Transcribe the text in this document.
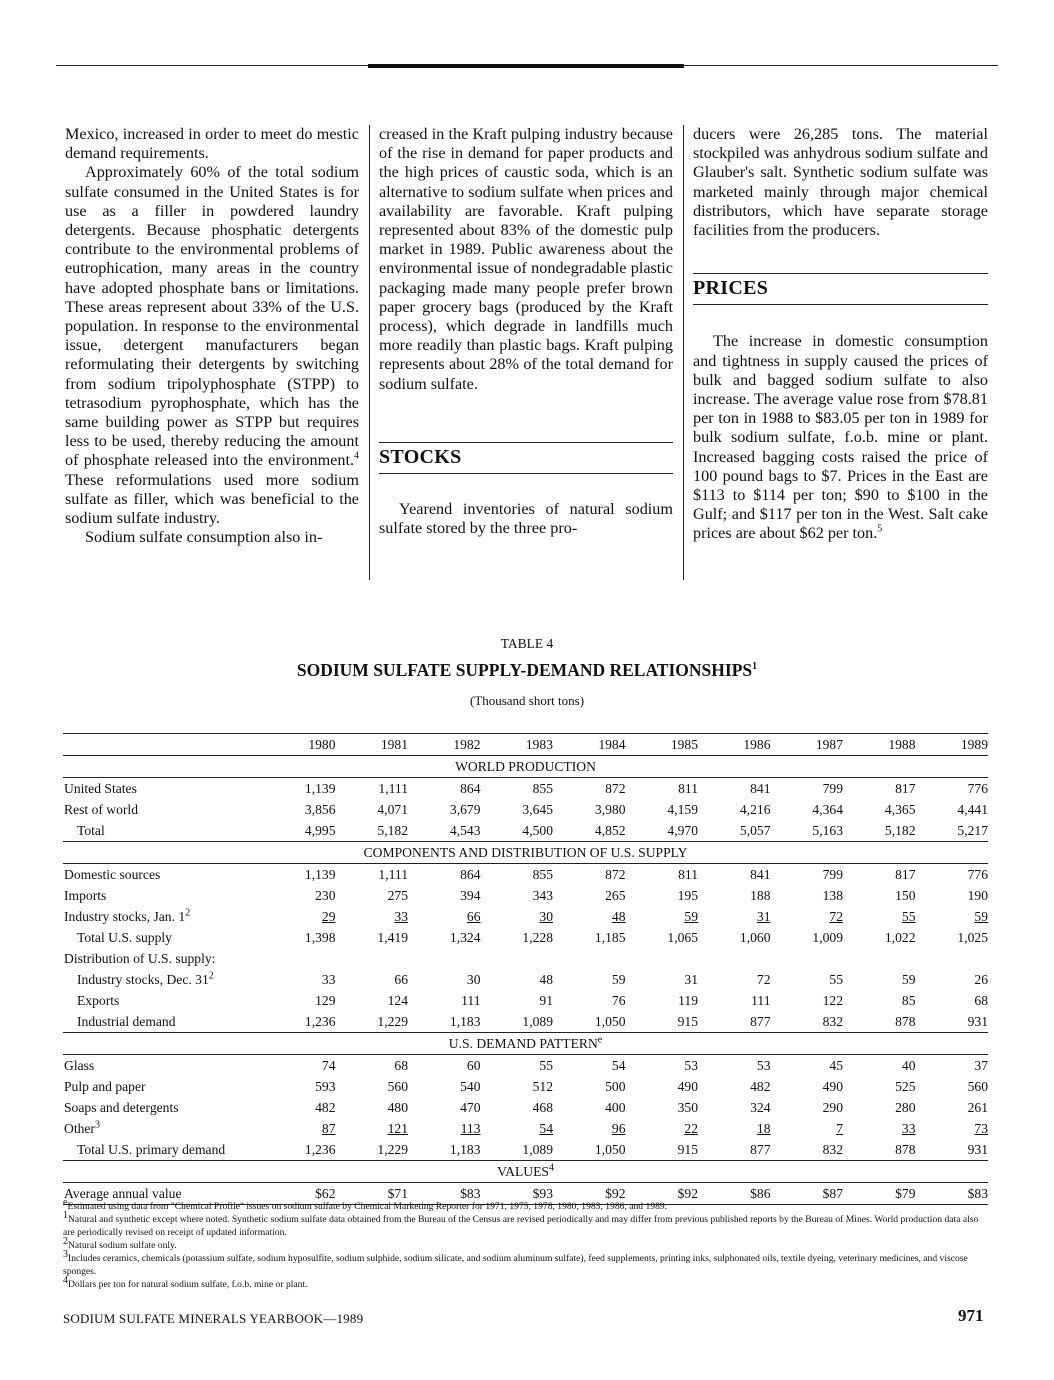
Mexico, increased in order to meet do mestic demand requirements.

Approximately 60% of the total sodium sulfate consumed in the United States is for use as a filler in powdered laundry detergents. Because phosphatic detergents contribute to the environmental problems of eutrophication, many areas in the country have adopted phosphate bans or limitations. These areas represent about 33% of the U.S. population. In response to the environmental issue, detergent manufacturers began reformulating their detergents by switching from sodium tripolyphosphate (STPP) to tetrasodium pyrophosphate, which has the same building power as STPP but requires less to be used, thereby reducing the amount of phosphate released into the environment.$^4$ These reformulations used more sodium sulfate as filler, which was beneficial to the sodium sulfate industry.

Sodium sulfate consumption also in-

creased in the Kraft pulping industry because of the rise in demand for paper products and the high prices of caustic soda, which is an alternative to sodium sulfate when prices and availability are favorable. Kraft pulping represented about 83% of the domestic pulp market in 1989. Public awareness about the environmental issue of nondegradable plastic packaging made many people prefer brown paper grocery bags (produced by the Kraft process), which degrade in landfills much more readily than plastic bags. Kraft pulping represents about 28% of the total demand for sodium sulfate.

STOCKS

Yearend inventories of natural sodium sulfate stored by the three pro-

ducers were 26,285 tons. The material stockpiled was anhydrous sodium sulfate and Glauber's salt. Synthetic sodium sulfate was marketed mainly through major chemical distributors, which have separate storage facilities from the producers.

PRICES

The increase in domestic consumption and tightness in supply caused the prices of bulk and bagged sodium sulfate to also increase. The average value rose from $78.81 per ton in 1988 to $83.05 per ton in 1989 for bulk sodium sulfate, f.o.b. mine or plant. Increased bagging costs raised the price of 100 pound bags to $7. Prices in the East are $113 to $114 per ton; $90 to $100 in the Gulf; and $117 per ton in the West. Salt cake prices are about $62 per ton.$^5$

TABLE 4
SODIUM SULFATE SUPPLY-DEMAND RELATIONSHIPS$^1$
(Thousand short tons)
	1980	1981	1982	1983	1984	1985	1986	1987	1988	1989
WORLD PRODUCTION										
United States	1,139	1,111	864	855	872	811	841	799	817	776
Rest of world	3,856	4,071	3,679	3,645	3,980	4,159	4,216	4,364	4,365	4,441
Total	4,995	5,182	4,543	4,500	4,852	4,970	5,057	5,163	5,182	5,217
COMPONENTS AND DISTRIBUTION OF U.S. SUPPLY										
Domestic sources	1,139	1,111	864	855	872	811	841	799	817	776
Imports	230	275	394	343	265	195	188	138	150	190
Industry stocks, Jan. $1^2$	29	33	66	30	48	59	31	72	55	59
Total U.S. supply	1,398	1,419	1,324	1,228	1,185	1,065	1,060	1,009	1,022	1,025
Distribution of U.S. supply:										
Industry stocks, Dec. $31^2$	33	66	30	48	59	31	72	55	59	26
Exports	129	124	111	91	76	119	111	122	85	68
Industrial demand	1,236	1,229	1,183	1,089	1,050	915	877	832	878	931
U.S. DEMAND PATTERN$^e$
Glass	74	68	60	55	54	53	53	45	40	37
Pulp and paper	593	560	540	512	500	490	482	490	525	560
Soaps and detergents	482	480	470	468	400	350	324	290	280	261
Other$^3$	87	121	113	54	96	22	18	7	33	73
Total U.S. primary demand	1,236	1,229	1,183	1,089	1,050	915	877	832	878	931
VALUES$^4$
Average annual value	$62	$71	$83	$93	$92	$92	$86	$87	$79	$83

$^e$Estimated using data from "Chemical Profile" issues on sodium sulfate by Chemical Marketing Reporter for 1971, 1975, 1978, 1980, 1983, 1986, and 1989.

$^1$Natural and synthetic except where noted. Synthetic sodium sulfate data obtained from the Bureau of the Census are revised periodically and may differ from previous published reports by the Bureau of Mines. World production data also are periodically revised on receipt of updated information.

$^2$Natural sodium sulfate only.

$^3$Includes ceramics, chemicals (potassium sulfate, sodium hyposulfite, sodium sulphide, sodium silicate, and sodium aluminum sulfate), feed supplements, printing inks, sulphonated oils, textile dyeing, veterinary medicines, and viscose sponges.

$^4$Dollars per ton for natural sodium sulfate, f.o.b. mine or plant.

SODIUM SULFATE MINERALS YEARBOOK—1989	971
